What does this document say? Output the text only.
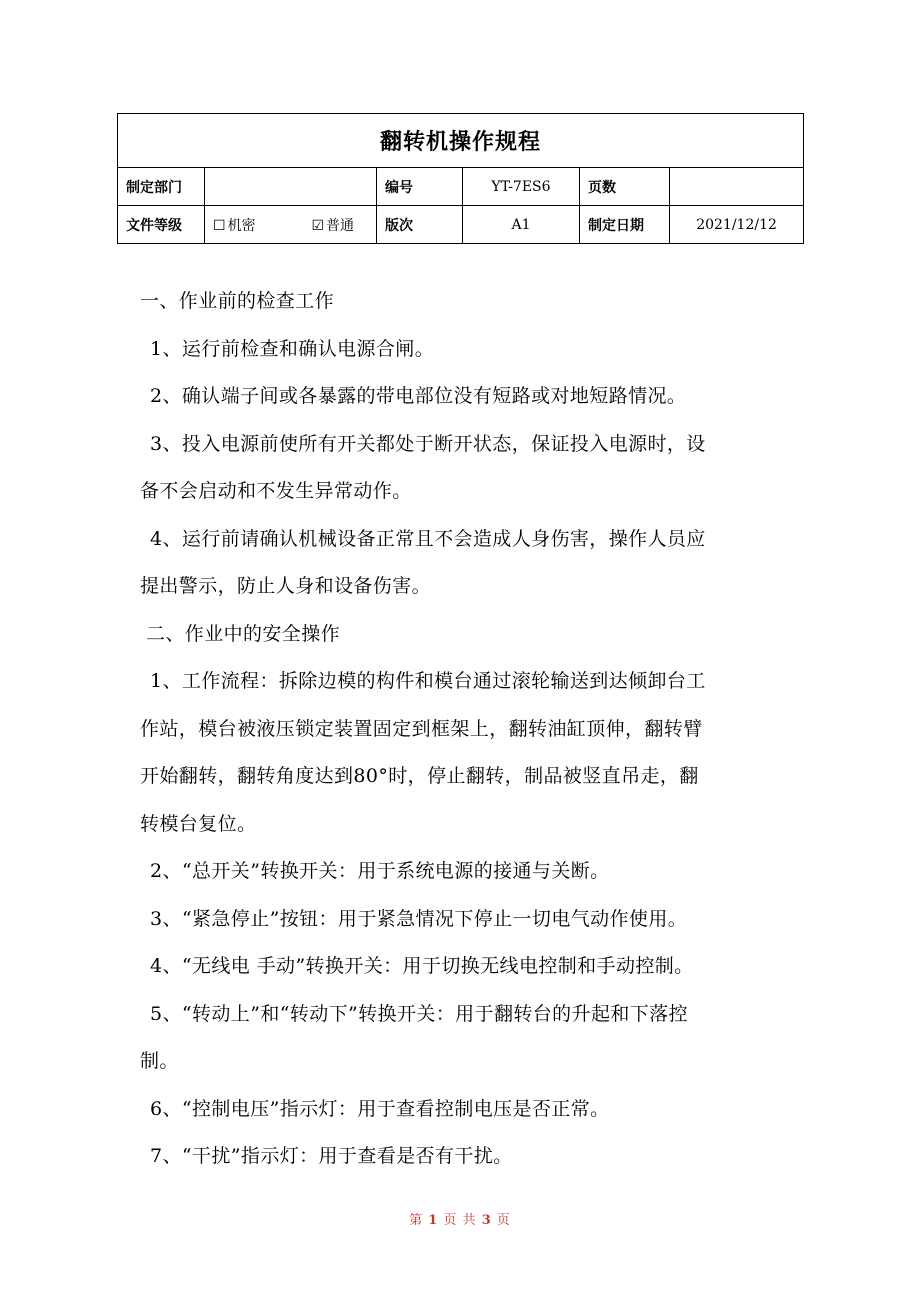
翻转机操作规程					
制定部门		编号	YT-7ES6	页数	
文件等级	☐ 机密 ☑ 普通	版次	A1	制定日期	2021/12/12

一、作业前的检查工作

1、运行前检查和确认电源合闸。

2、确认端子间或各暴露的带电部位没有短路或对地短路情况。

3、投入电源前使所有开关都处于断开状态，保证投入电源时，设

备不会启动和不发生异常动作。

4、运行前请确认机械设备正常且不会造成人身伤害，操作人员应

提出警示，防止人身和设备伤害。

二、作业中的安全操作

1、工作流程：拆除边模的构件和模台通过滚轮输送到达倾卸台工

作站，模台被液压锁定装置固定到框架上，翻转油缸顶伸，翻转臂

开始翻转，翻转角度达到80°时，停止翻转，制品被竖直吊走，翻

转模台复位。

2、“总开关”转换开关：用于系统电源的接通与关断。

3、“紧急停止”按钮：用于紧急情况下停止一切电气动作使用。

4、“无线电 手动”转换开关：用于切换无线电控制和手动控制。

5、“转动上”和“转动下”转换开关：用于翻转台的升起和下落控

制。

6、“控制电压”指示灯：用于查看控制电压是否正常。

7、“干扰”指示灯：用于查看是否有干扰。

第 1 页 共 3 页
